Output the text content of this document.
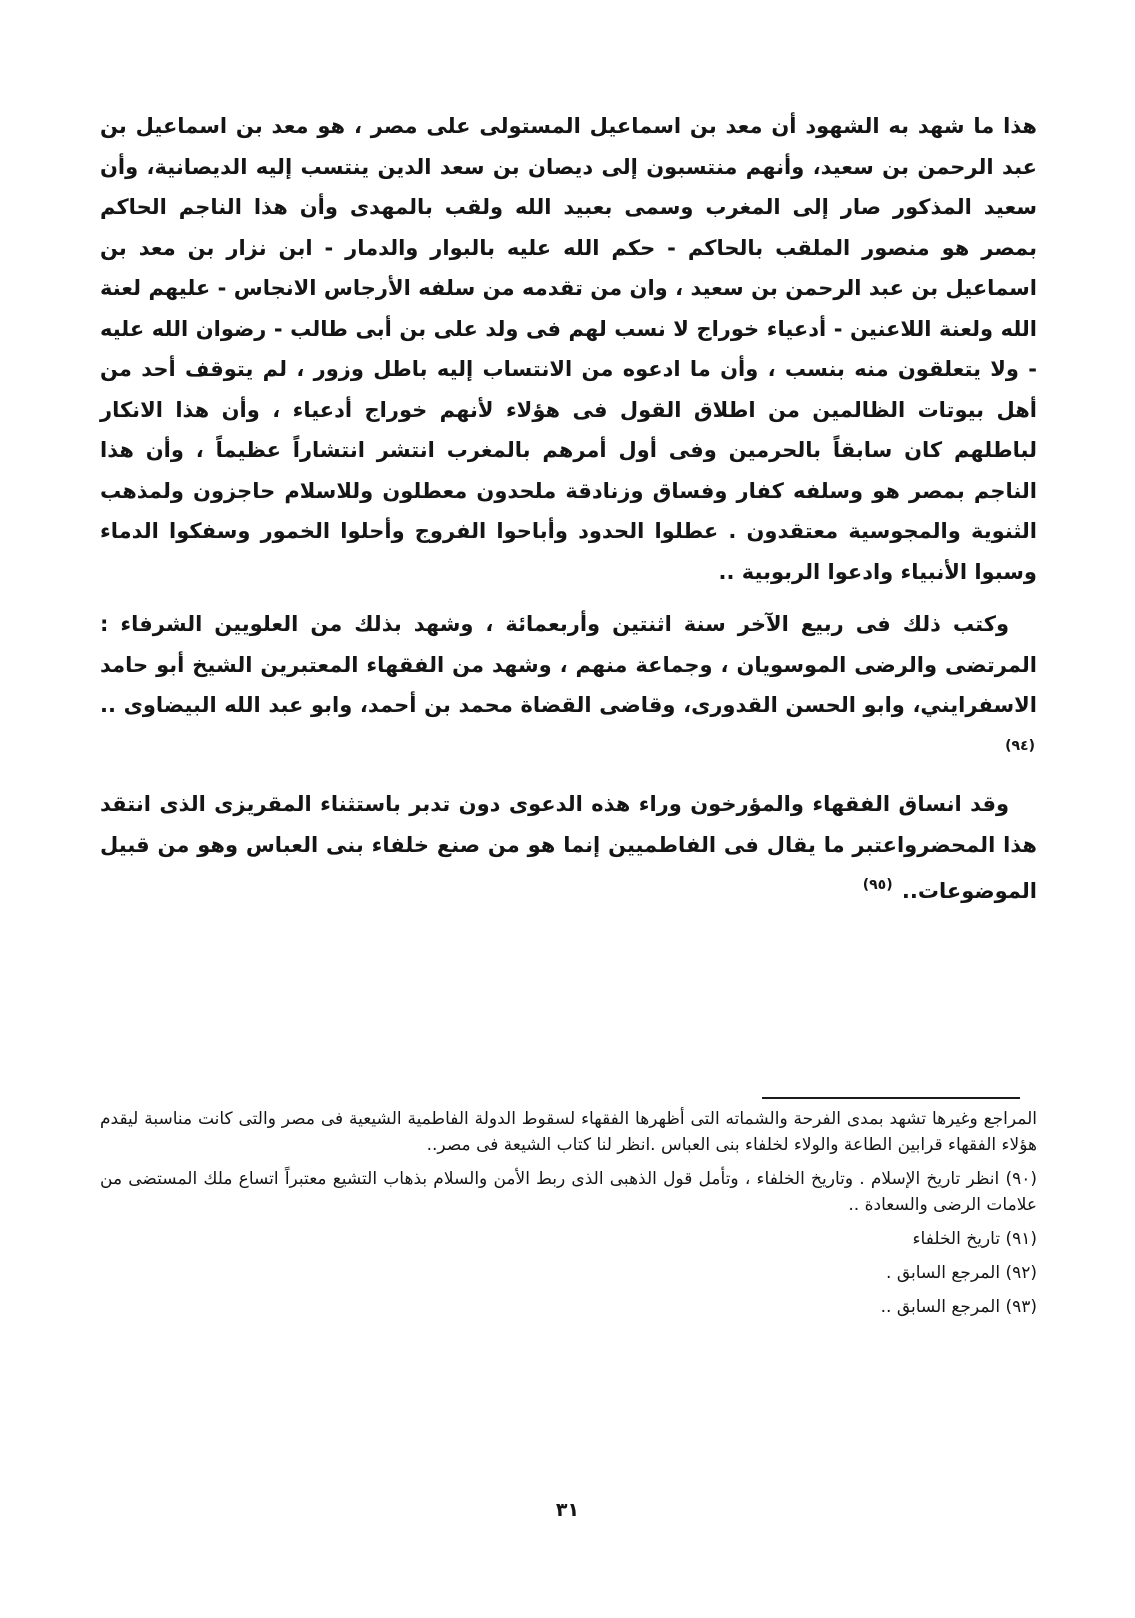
هذا ما شهد به الشهود أن معد بن اسماعيل المستولى على مصر ، هو معد بن اسماعيل بن عبد الرحمن بن سعيد، وأنهم منتسبون إلى ديصان بن سعد الدين ينتسب إليه الديصانية، وأن سعيد المذكور صار إلى المغرب وسمى بعبيد الله ولقب بالمهدى وأن هذا الناجم الحاكم بمصر هو منصور الملقب بالحاكم - حكم الله عليه بالبوار والدمار - ابن نزار بن معد بن اسماعيل بن عبد الرحمن بن سعيد ، وان من تقدمه من سلفه الأرجاس الانجاس - عليهم لعنة الله ولعنة اللاعنين - أدعياء خوراج لا نسب لهم فى ولد على بن أبى طالب - رضوان الله عليه - ولا يتعلقون منه بنسب ، وأن ما ادعوه من الانتساب إليه باطل وزور ، لم يتوقف أحد من أهل بيوتات الظالمين من اطلاق القول فى هؤلاء لأنهم خوراج أدعياء ، وأن هذا الانكار لباطلهم كان سابقاً بالحرمين وفى أول أمرهم بالمغرب انتشر انتشاراً عظيماً ، وأن هذا الناجم بمصر هو وسلفه كفار وفساق وزنادقة ملحدون معطلون وللاسلام حاجزون ولمذهب الثنوية والمجوسية معتقدون . عطلوا الحدود وأباحوا الفروج وأحلوا الخمور وسفكوا الدماء وسبوا الأنبياء وادعوا الربوبية ..

وكتب ذلك فى ربيع الآخر سنة اثنتين وأربعمائة ، وشهد بذلك من العلويين الشرفاء : المرتضى والرضى الموسويان ، وجماعة منهم ، وشهد من الفقهاء المعتبرين الشيخ أبو حامد الاسفرايني، وابو الحسن القدورى، وقاضى القضاة محمد بن أحمد، وابو عبد الله البيضاوى .. $^{(٩٤)}$

وقد انساق الفقهاء والمؤرخون وراء هذه الدعوى دون تدبر باستثناء المقريزى الذى انتقد هذا المحضرواعتبر ما يقال فى الفاطميين إنما هو من صنع خلفاء بنى العباس وهو من قبيل الموضوعات.. $^{(٩٥)}$

المراجع وغيرها تشهد بمدى الفرحة والشماته التى أظهرها الفقهاء لسقوط الدولة الفاطمية الشيعية فى مصر والتى كانت مناسبة ليقدم هؤلاء الفقهاء قرابين الطاعة والولاء لخلفاء بنى العباس .انظر لنا كتاب الشيعة فى مصر..

(٩٠) انظر تاريخ الإسلام . وتاريخ الخلفاء ، وتأمل قول الذهبى الذى ربط الأمن والسلام بذهاب التشيع معتبراً اتساع ملك المستضى من علامات الرضى والسعادة ..

(٩١) تاريخ الخلفاء

(٩٢) المرجع السابق .

(٩٣) المرجع السابق ..

٣١
